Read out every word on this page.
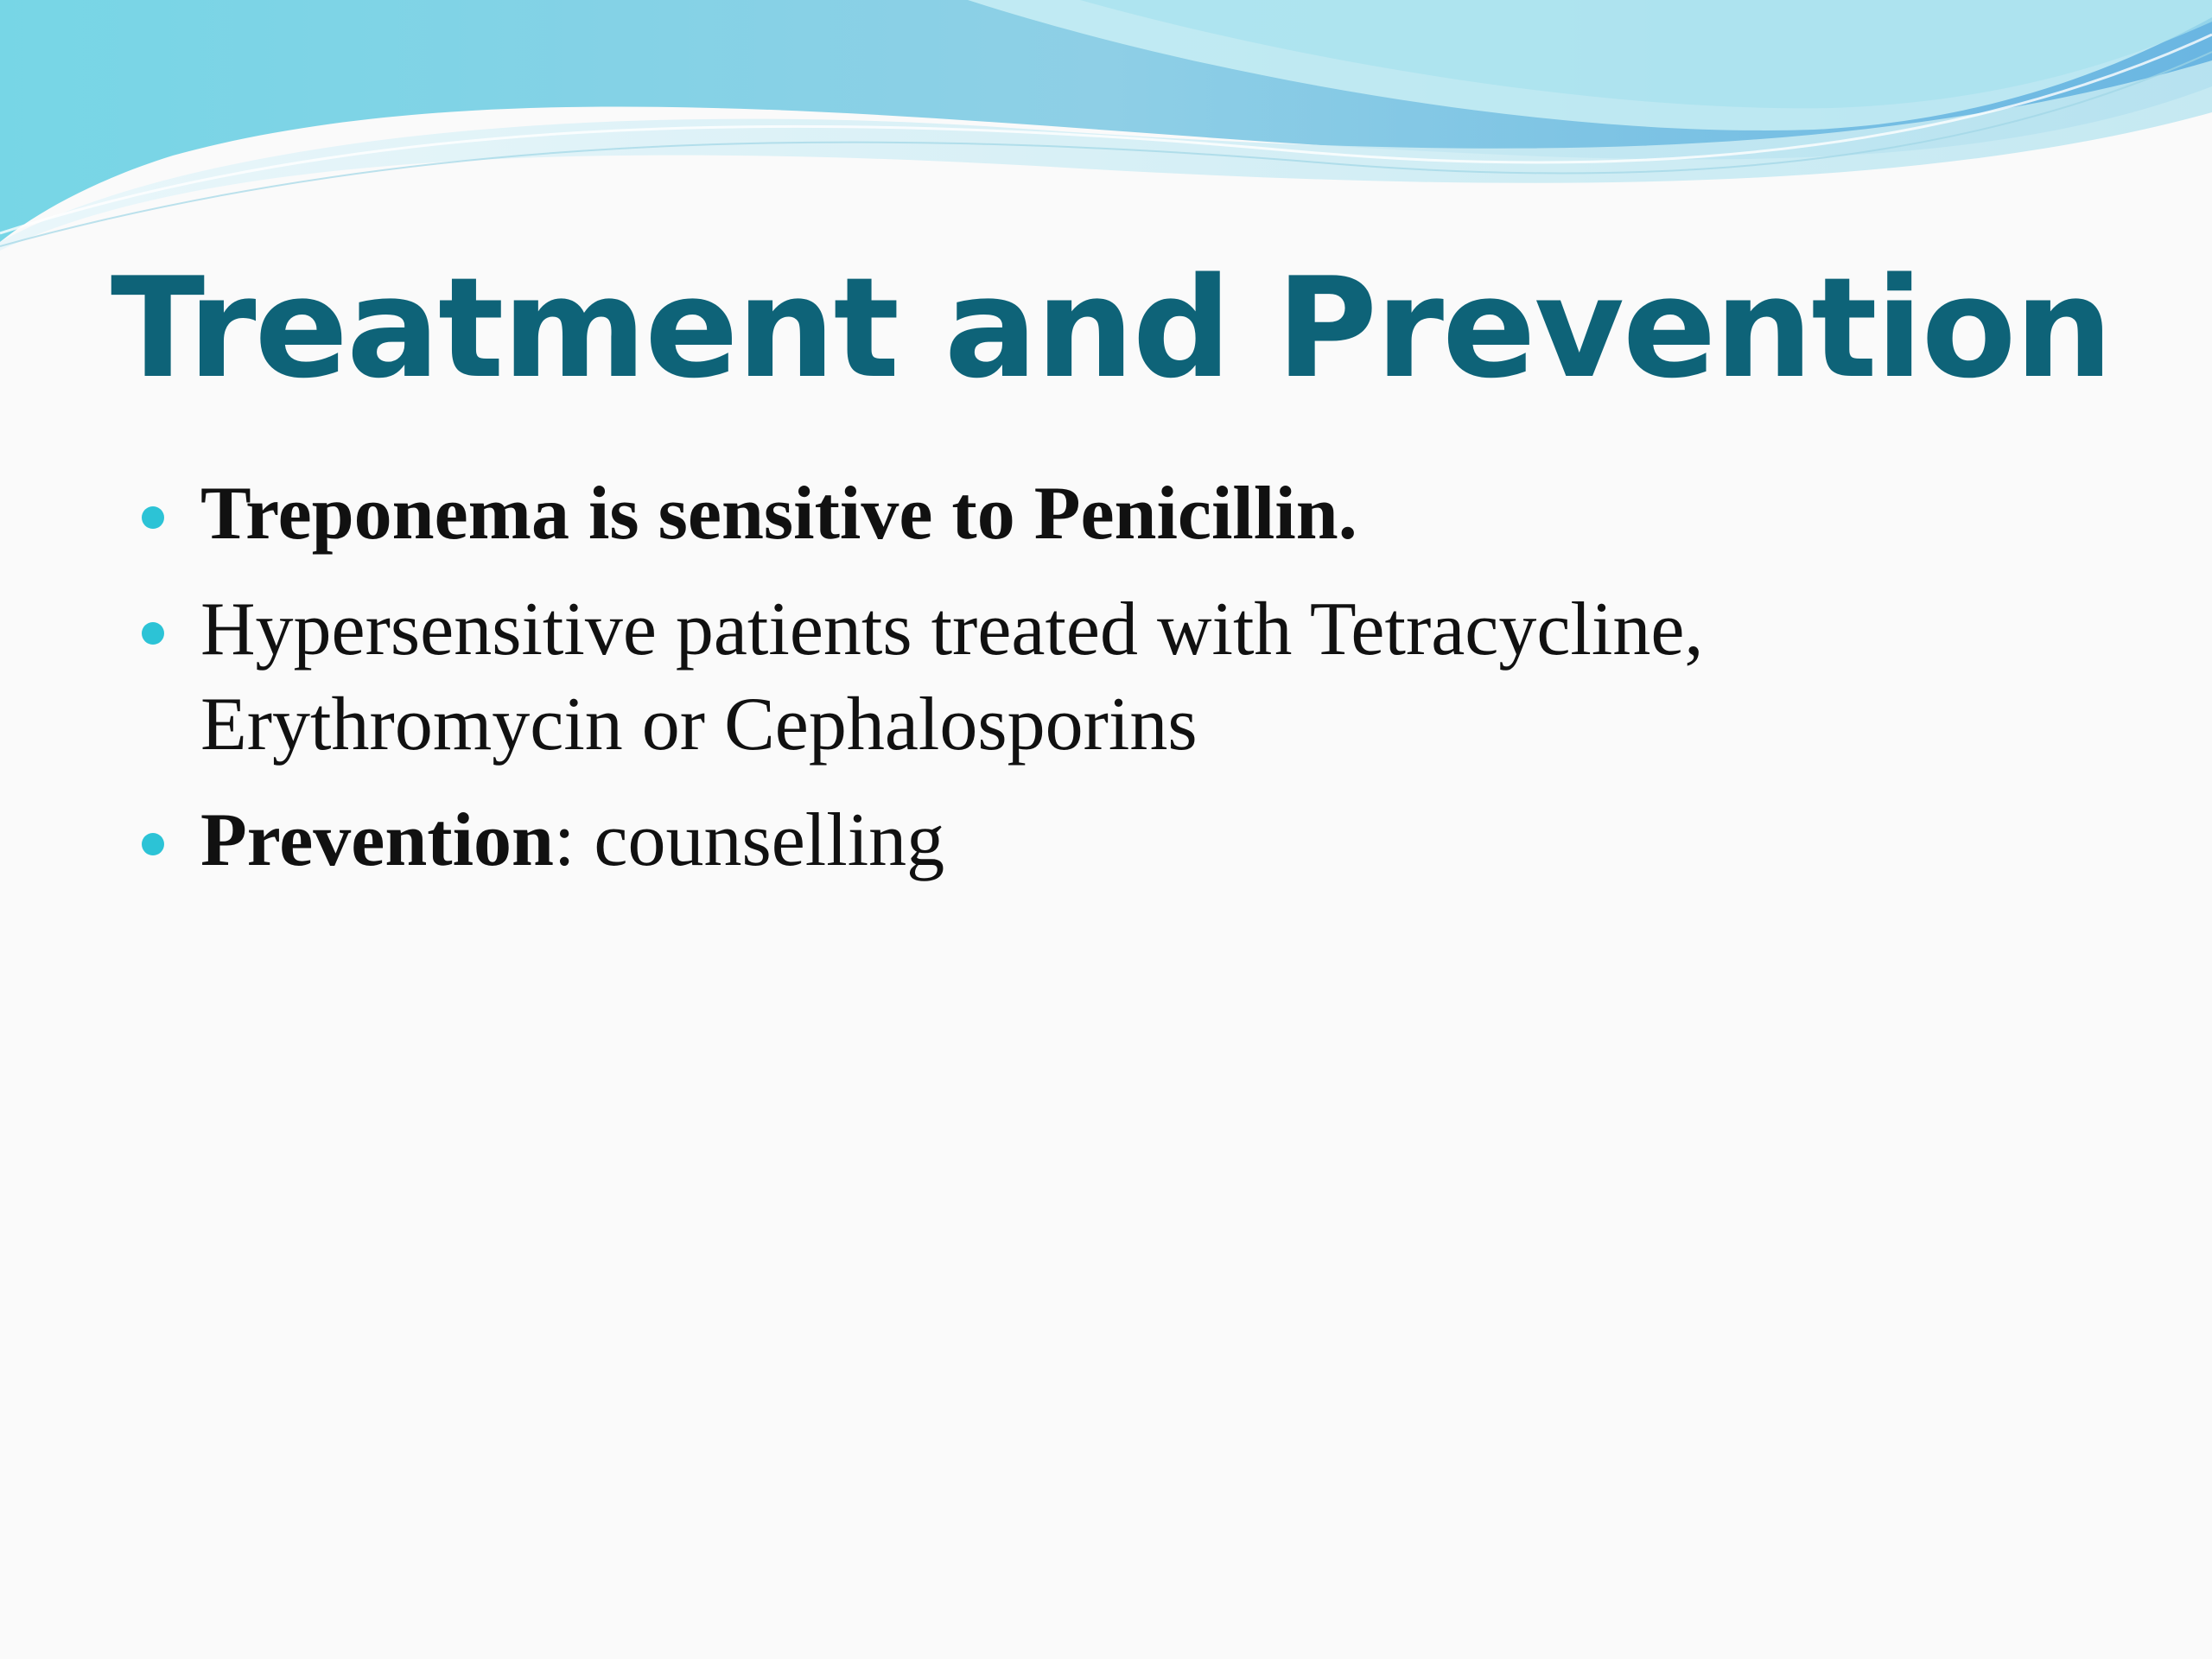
Treatment and Prevention
Treponema is sensitive to Penicillin.
Hypersensitive patients treated with Tetracycline, Erythromycin or Cephalosporins
Prevention: counselling
